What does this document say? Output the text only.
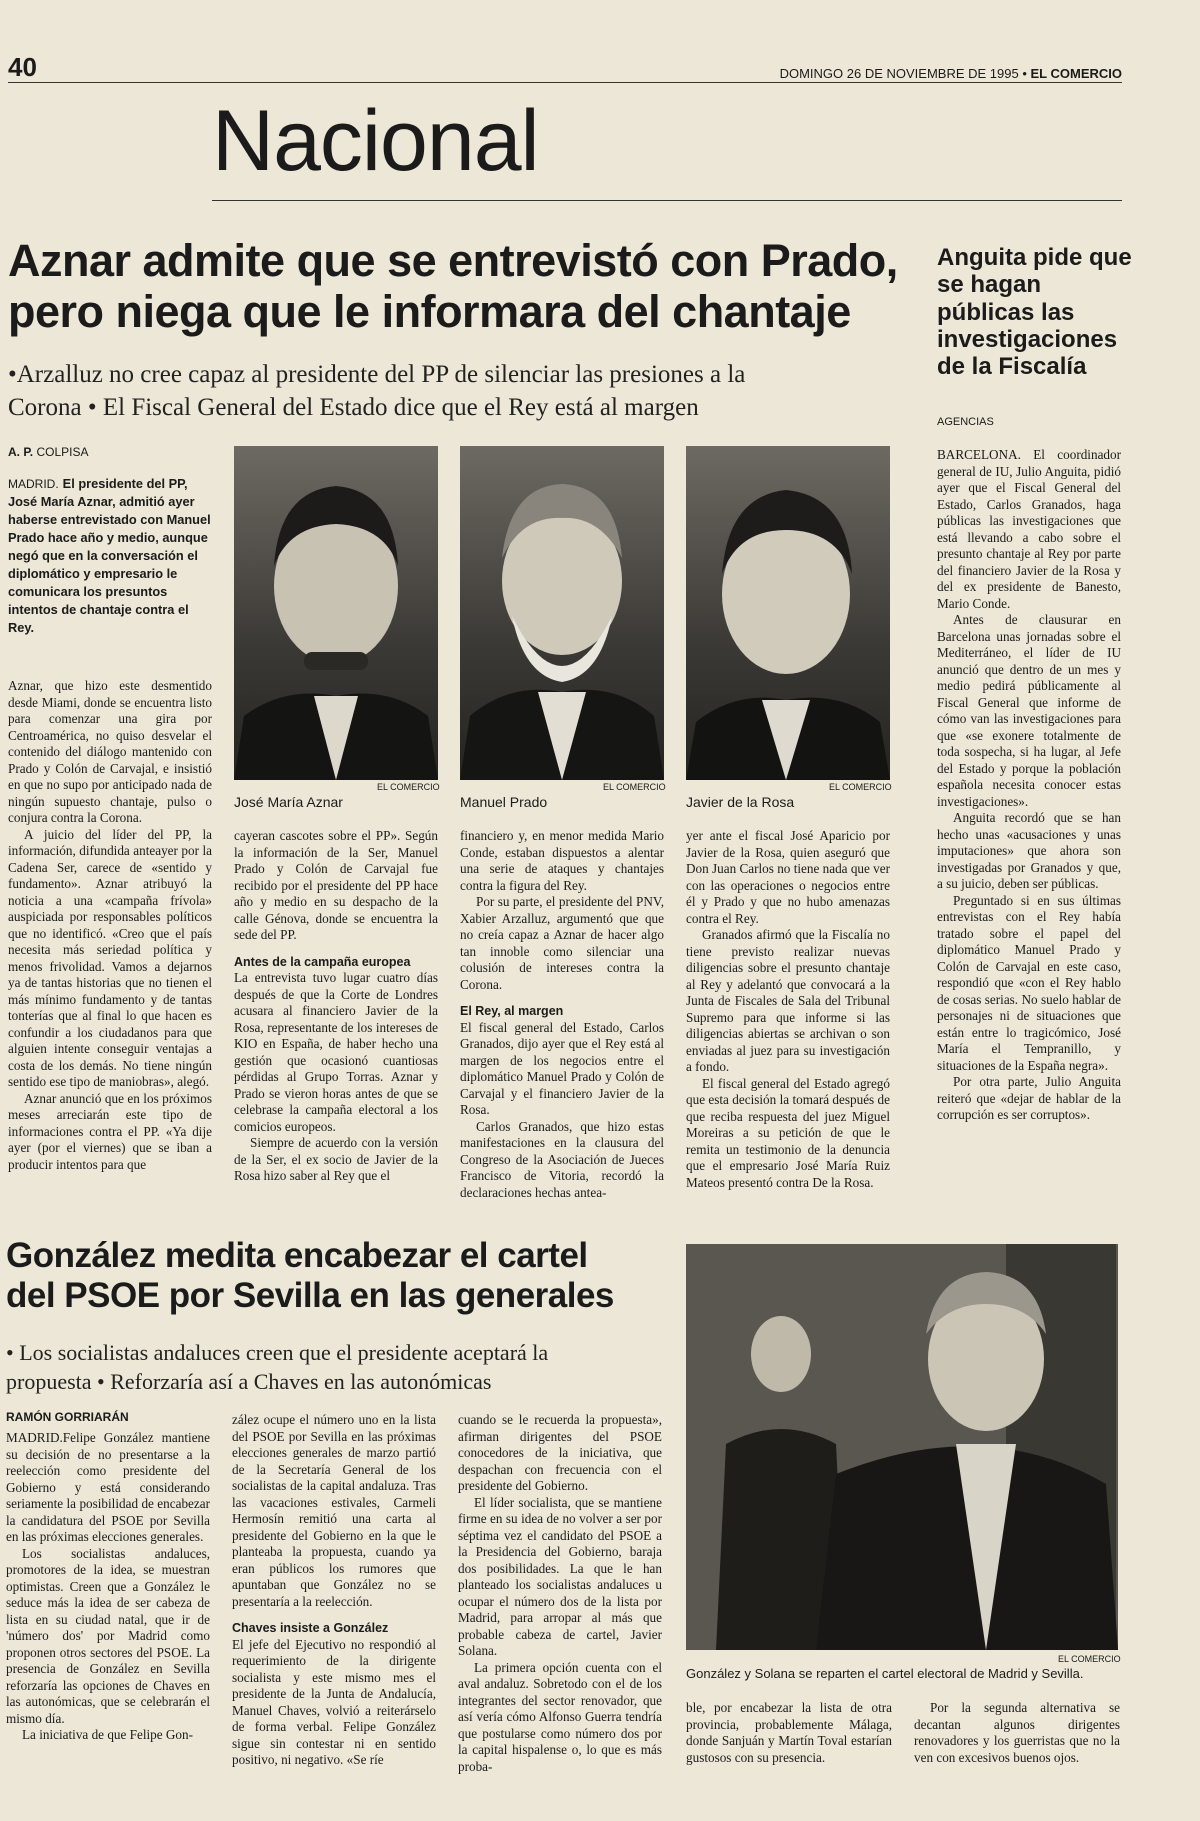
40	DOMINGO 26 DE NOVIEMBRE DE 1995 • EL COMERCIO
Nacional
Aznar admite que se entrevistó con Prado,
pero niega que le informara del chantaje
•Arzalluz no cree capaz al presidente del PP de silenciar las presiones a la
Corona • El Fiscal General del Estado dice que el Rey está al margen
Anguita pide que se hagan públicas las investigaciones de la Fiscalía
AGENCIAS
A. P. COLPISA
MADRID. El presidente del PP, José María Aznar, admitió ayer haberse entrevistado con Manuel Prado hace año y medio, aunque negó que en la conversación el diplomático y empresario le comunicara los presuntos intentos de chantaje contra el Rey.
EL COMERCIO
José María Aznar
EL COMERCIO
Manuel Prado
EL COMERCIO
Javier de la Rosa

Aznar, que hizo este desmentido desde Miami, donde se encuentra listo para comenzar una gira por Centroamérica, no quiso desvelar el contenido del diálogo mantenido con Prado y Colón de Carvajal, e insistió en que no supo por anticipado nada de ningún supuesto chantaje, pulso o conjura contra la Corona.

A juicio del líder del PP, la información, difundida anteayer por la Cadena Ser, carece de «sentido y fundamento». Aznar atribuyó la noticia a una «campaña frívola» auspiciada por responsables políticos que no identificó. «Creo que el país necesita más seriedad política y menos frivolidad. Vamos a dejarnos ya de tantas historias que no tienen el más mínimo fundamento y de tantas tonterías que al final lo que hacen es confundir a los ciudadanos para que alguien intente conseguir ventajas a costa de los demás. No tiene ningún sentido ese tipo de maniobras», alegó.

Aznar anunció que en los próximos meses arreciarán este tipo de informaciones contra el PP. «Ya dije ayer (por el viernes) que se iban a producir intentos para que

cayeran cascotes sobre el PP». Según la información de la Ser, Manuel Prado y Colón de Carvajal fue recibido por el presidente del PP hace año y medio en su despacho de la calle Génova, donde se encuentra la sede del PP.

Antes de la campaña europea

La entrevista tuvo lugar cuatro días después de que la Corte de Londres acusara al financiero Javier de la Rosa, representante de los intereses de KIO en España, de haber hecho una gestión que ocasionó cuantiosas pérdidas al Grupo Torras. Aznar y Prado se vieron horas antes de que se celebrase la campaña electoral a los comicios europeos.

Siempre de acuerdo con la versión de la Ser, el ex socio de Javier de la Rosa hizo saber al Rey que el

financiero y, en menor medida Mario Conde, estaban dispuestos a alentar una serie de ataques y chantajes contra la figura del Rey.

Por su parte, el presidente del PNV, Xabier Arzalluz, argumentó que que no creía capaz a Aznar de hacer algo tan innoble como silenciar una colusión de intereses contra la Corona.

El Rey, al margen

El fiscal general del Estado, Carlos Granados, dijo ayer que el Rey está al margen de los negocios entre el diplomático Manuel Prado y Colón de Carvajal y el financiero Javier de la Rosa.

Carlos Granados, que hizo estas manifestaciones en la clausura del Congreso de la Asociación de Jueces Francisco de Vitoria, recordó la declaraciones hechas antea-

yer ante el fiscal José Aparicio por Javier de la Rosa, quien aseguró que Don Juan Carlos no tiene nada que ver con las operaciones o negocios entre él y Prado y que no hubo amenazas contra el Rey.

Granados afirmó que la Fiscalía no tiene previsto realizar nuevas diligencias sobre el presunto chantaje al Rey y adelantó que convocará a la Junta de Fiscales de Sala del Tribunal Supremo para que informe si las diligencias abiertas se archivan o son enviadas al juez para su investigación a fondo.

El fiscal general del Estado agregó que esta decisión la tomará después de que reciba respuesta del juez Miguel Moreiras a su petición de que le remita un testimonio de la denuncia que el empresario José María Ruiz Mateos presentó contra De la Rosa.

BARCELONA. El coordinador general de IU, Julio Anguita, pidió ayer que el Fiscal General del Estado, Carlos Granados, haga públicas las investigaciones que está llevando a cabo sobre el presunto chantaje al Rey por parte del financiero Javier de la Rosa y del ex presidente de Banesto, Mario Conde.

Antes de clausurar en Barcelona unas jornadas sobre el Mediterráneo, el líder de IU anunció que dentro de un mes y medio pedirá públicamente al Fiscal General que informe de cómo van las investigaciones para que «se exonere totalmente de toda sospecha, si ha lugar, al Jefe del Estado y porque la población española necesita conocer estas investigaciones».

Anguita recordó que se han hecho unas «acusaciones y unas imputaciones» que ahora son investigadas por Granados y que, a su juicio, deben ser públicas.

Preguntado si en sus últimas entrevistas con el Rey había tratado sobre el papel del diplomático Manuel Prado y Colón de Carvajal en este caso, respondió que «con el Rey hablo de cosas serias. No suelo hablar de personajes ni de situaciones que están entre lo tragicómico, José María el Tempranillo, y situaciones de la España negra».

Por otra parte, Julio Anguita reiteró que «dejar de hablar de la corrupción es ser corruptos».

González medita encabezar el cartel
del PSOE por Sevilla en las generales
• Los socialistas andaluces creen que el presidente aceptará la
propuesta • Reforzaría así a Chaves en las autonómicas
RAMÓN GORRIARÁN

MADRID.Felipe González mantiene su decisión de no presentarse a la reelección como presidente del Gobierno y está considerando seriamente la posibilidad de encabezar la candidatura del PSOE por Sevilla en las próximas elecciones generales.

Los socialistas andaluces, promotores de la idea, se muestran optimistas. Creen que a González le seduce más la idea de ser cabeza de lista en su ciudad natal, que ir de 'número dos' por Madrid como proponen otros sectores del PSOE. La presencia de González en Sevilla reforzaría las opciones de Chaves en las autonómicas, que se celebrarán el mismo día.

La iniciativa de que Felipe Gon-

zález ocupe el número uno en la lista del PSOE por Sevilla en las próximas elecciones generales de marzo partió de la Secretaría General de los socialistas de la capital andaluza. Tras las vacaciones estivales, Carmeli Hermosín remitió una carta al presidente del Gobierno en la que le planteaba la propuesta, cuando ya eran públicos los rumores que apuntaban que González no se presentaría a la reelección.

Chaves insiste a González

El jefe del Ejecutivo no respondió al requerimiento de la dirigente socialista y este mismo mes el presidente de la Junta de Andalucía, Manuel Chaves, volvió a reiterárselo de forma verbal. Felipe González sigue sin contestar ni en sentido positivo, ni negativo. «Se ríe

cuando se le recuerda la propuesta», afirman dirigentes del PSOE conocedores de la iniciativa, que despachan con frecuencia con el presidente del Gobierno.

El líder socialista, que se mantiene firme en su idea de no volver a ser por séptima vez el candidato del PSOE a la Presidencia del Gobierno, baraja dos posibilidades. La que le han planteado los socialistas andaluces u ocupar el número dos de la lista por Madrid, para arropar al más que probable cabeza de cartel, Javier Solana.

La primera opción cuenta con el aval andaluz. Sobretodo con el de los integrantes del sector renovador, que así vería cómo Alfonso Guerra tendría que postularse como número dos por la capital hispalense o, lo que es más proba-

EL COMERCIO
González y Solana se reparten el cartel electoral de Madrid y Sevilla.

ble, por encabezar la lista de otra provincia, probablemente Málaga, donde Sanjuán y Martín Toval estarían gustosos con su presencia.

Por la segunda alternativa se decantan algunos dirigentes renovadores y los guerristas que no la ven con excesivos buenos ojos.
